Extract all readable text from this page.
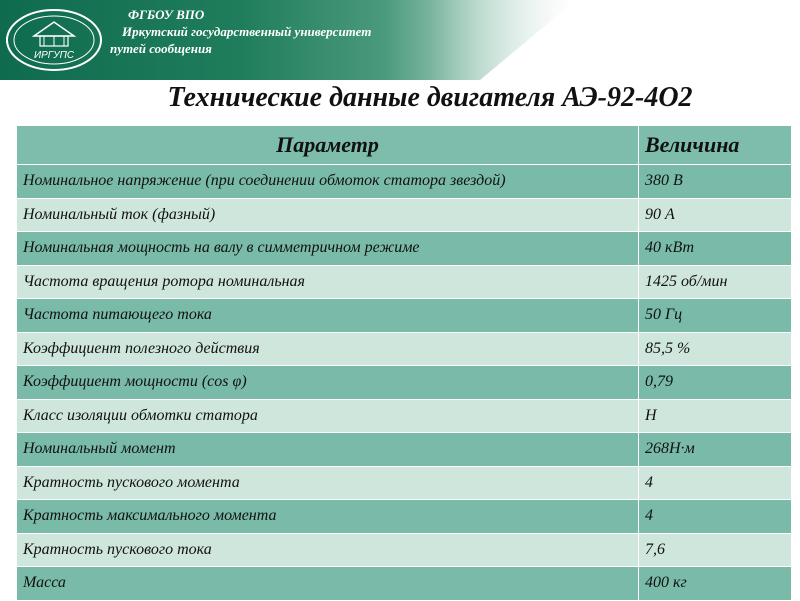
ИРГУПС
ФГБОУ ВПО
Иркутский государственный университет
путей сообщения
Технические данные двигателя АЭ-92-4О2
Параметр	Величина
Номинальное напряжение (при соединении обмоток статора звездой)	380 В
Номинальный ток (фазный)	90 А
Номинальная мощность на валу в симметричном режиме	40 кВт
Частота вращения ротора номинальная	1425 об/мин
Частота питающего тока	50 Гц
Коэффициент полезного действия	85,5 %
Коэффициент мощности (cos φ)	0,79
Класс изоляции обмотки статора	Н
Номинальный момент	268Н·м
Кратность пускового момента	4
Кратность максимального момента	4
Кратность пускового тока	7,6
Масса	400 кг
